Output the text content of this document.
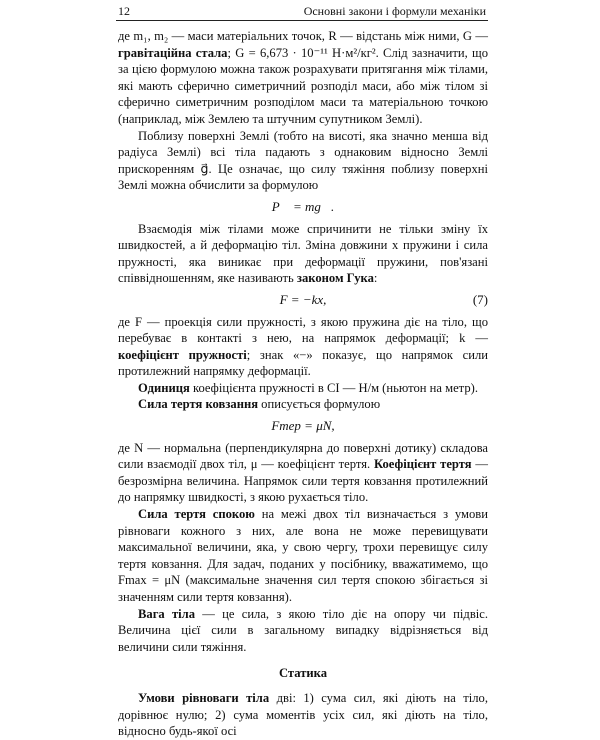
12	Основні закони і формули механіки

де m₁, m₂ — маси матеріальних точок, R — відстань між ними, G — гравітаційна стала; G = 6,673 · 10⁻¹¹ Н·м²/кг². Слід зазначити, що за цією формулою можна також розрахувати притягання між тілами, які мають сферично симетричний розподіл маси, або між тілом зі сферично симетричним розподілом маси та матеріальною точкою (наприклад, між Землею та штучним супутником Землі).

Поблизу поверхні Землі (тобто на висоті, яка значно менша від радіуса Землі) всі тіла падають з однаковим відносно Землі прискоренням g⃗. Це означає, що силу тяжіння поблизу поверхні Землі можна обчислити за формулою

P⃗ = mg⃗.

Взаємодія між тілами може спричинити не тільки зміну їх швидкостей, а й деформацію тіл. Зміна довжини x пружини і сила пружності, яка виникає при деформації пружини, пов'язані співвідношенням, яке називають законом Гука:

F = −kx,	(7)

де F — проекція сили пружності, з якою пружина діє на тіло, що перебуває в контакті з нею, на напрямок деформації; k — коефіцієнт пружності; знак «−» показує, що напрямок сили протилежний напрямку деформації.

Одиниця коефіцієнта пружності в СІ — Н/м (ньютон на метр).

Сила тертя ковзання описується формулою

Fтер = μN,

де N — нормальна (перпендикулярна до поверхні дотику) складова сили взаємодії двох тіл, μ — коефіцієнт тертя. Коефіцієнт тертя — безрозмірна величина. Напрямок сили тертя ковзання протилежний до напрямку швидкості, з якою рухається тіло.

Сила тертя спокою на межі двох тіл визначається з умови рівноваги кожного з них, але вона не може перевищувати максимальної величини, яка, у свою чергу, трохи перевищує силу тертя ковзання. Для задач, поданих у посібнику, вважатимемо, що Fmax = μN (максимальне значення сил тертя спокою збігається зі значенням сили тертя ковзання).

Вага тіла — це сила, з якою тіло діє на опору чи підвіс. Величина цієї сили в загальному випадку відрізняється від величини сили тяжіння.

Статика

Умови рівноваги тіла дві: 1) сума сил, які діють на тіло, дорівнює нулю; 2) сума моментів усіх сил, які діють на тіло, відносно будь-якої осі
